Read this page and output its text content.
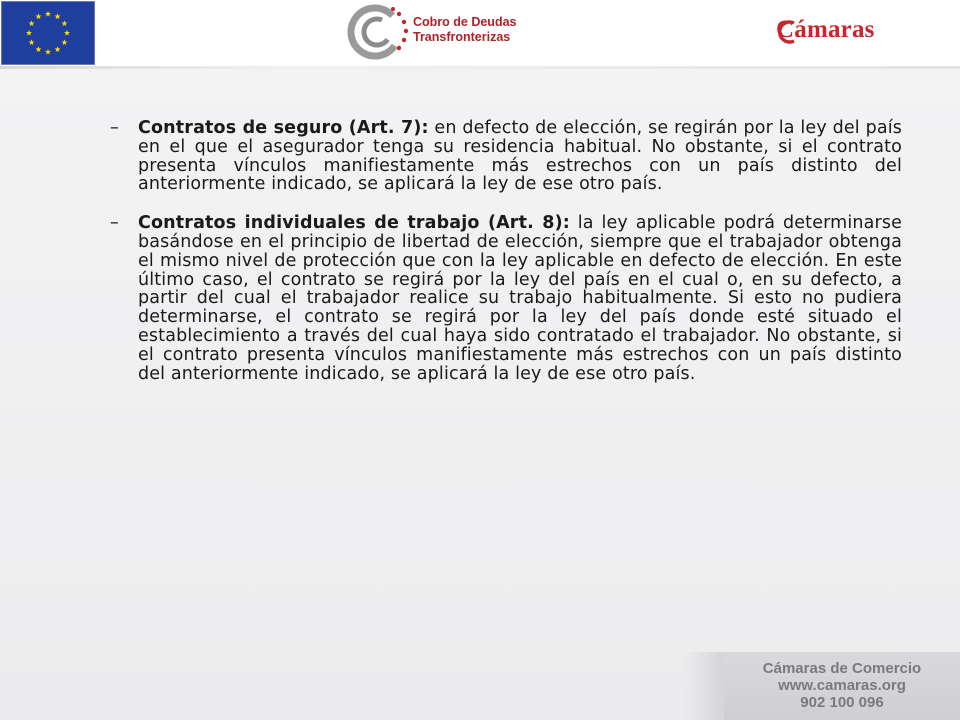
Cobro de Deudas
Transfronterizas	Cámaras
–	Contratos de seguro (Art. 7): en defecto de elección, se regirán por la ley del país en el que el asegurador tenga su residencia habitual. No obstante, si el contrato presenta vínculos manifiestamente más estrechos con un país distinto del anteriormente indicado, se aplicará la ley de ese otro país.
–	Contratos individuales de trabajo (Art. 8): la ley aplicable podrá determinarse basándose en el principio de libertad de elección, siempre que el trabajador obtenga el mismo nivel de protección que con la ley aplicable en defecto de elección. En este último caso, el contrato se regirá por la ley del país en el cual o, en su defecto, a partir del cual el trabajador realice su trabajo habitualmente. Si esto no pudiera determinarse, el contrato se regirá por la ley del país donde esté situado el establecimiento a través del cual haya sido contratado el trabajador. No obstante, si el contrato presenta vínculos manifiestamente más estrechos con un país distinto del anteriormente indicado, se aplicará la ley de ese otro país.
Cámaras de Comercio
www.camaras.org
902 100 096
